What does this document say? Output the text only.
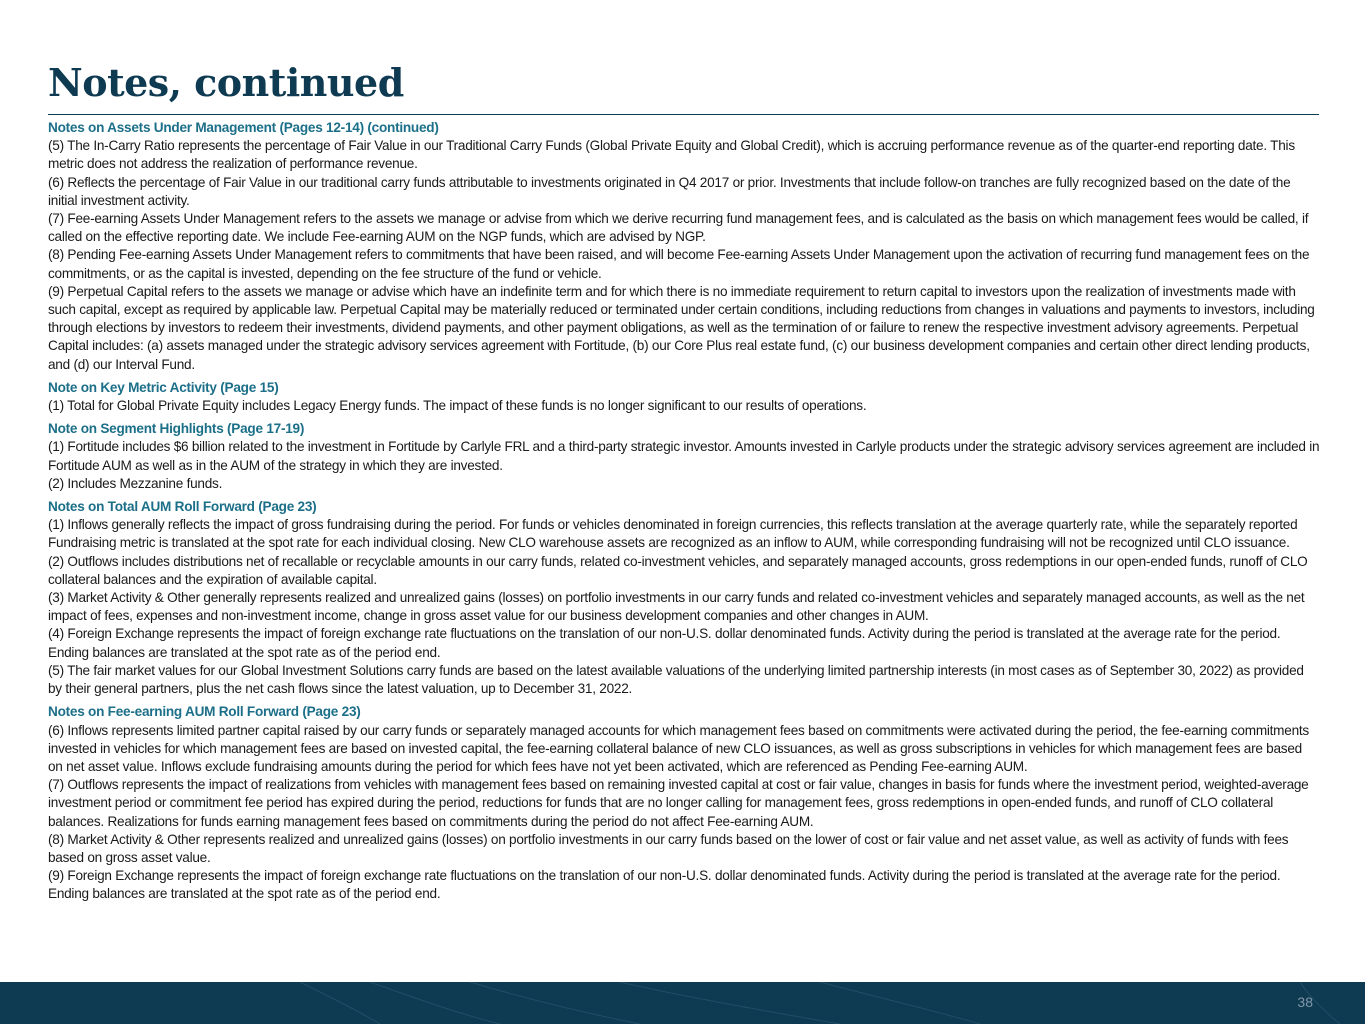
Notes, continued
Notes on Assets Under Management (Pages 12-14) (continued)
(5) The In-Carry Ratio represents the percentage of Fair Value in our Traditional Carry Funds (Global Private Equity and Global Credit), which is accruing performance revenue as of the quarter-end reporting date. This metric does not address the realization of performance revenue.
(6) Reflects the percentage of Fair Value in our traditional carry funds attributable to investments originated in Q4 2017 or prior. Investments that include follow-on tranches are fully recognized based on the date of the initial investment activity.
(7) Fee-earning Assets Under Management refers to the assets we manage or advise from which we derive recurring fund management fees, and is calculated as the basis on which management fees would be called, if called on the effective reporting date. We include Fee-earning AUM on the NGP funds, which are advised by NGP.
(8) Pending Fee-earning Assets Under Management refers to commitments that have been raised, and will become Fee-earning Assets Under Management upon the activation of recurring fund management fees on the commitments, or as the capital is invested, depending on the fee structure of the fund or vehicle.
(9) Perpetual Capital refers to the assets we manage or advise which have an indefinite term and for which there is no immediate requirement to return capital to investors upon the realization of investments made with such capital, except as required by applicable law. Perpetual Capital may be materially reduced or terminated under certain conditions, including reductions from changes in valuations and payments to investors, including through elections by investors to redeem their investments, dividend payments, and other payment obligations, as well as the termination of or failure to renew the respective investment advisory agreements. Perpetual Capital includes: (a) assets managed under the strategic advisory services agreement with Fortitude, (b) our Core Plus real estate fund, (c) our business development companies and certain other direct lending products, and (d) our Interval Fund.
Note on Key Metric Activity (Page 15)
(1) Total for Global Private Equity includes Legacy Energy funds. The impact of these funds is no longer significant to our results of operations.
Note on Segment Highlights (Page 17-19)
(1) Fortitude includes $6 billion related to the investment in Fortitude by Carlyle FRL and a third-party strategic investor. Amounts invested in Carlyle products under the strategic advisory services agreement are included in Fortitude AUM as well as in the AUM of the strategy in which they are invested.
(2) Includes Mezzanine funds.
Notes on Total AUM Roll Forward (Page 23)
(1) Inflows generally reflects the impact of gross fundraising during the period. For funds or vehicles denominated in foreign currencies, this reflects translation at the average quarterly rate, while the separately reported Fundraising metric is translated at the spot rate for each individual closing. New CLO warehouse assets are recognized as an inflow to AUM, while corresponding fundraising will not be recognized until CLO issuance.
(2) Outflows includes distributions net of recallable or recyclable amounts in our carry funds, related co-investment vehicles, and separately managed accounts, gross redemptions in our open-ended funds, runoff of CLO collateral balances and the expiration of available capital.
(3) Market Activity & Other generally represents realized and unrealized gains (losses) on portfolio investments in our carry funds and related co-investment vehicles and separately managed accounts, as well as the net impact of fees, expenses and non-investment income, change in gross asset value for our business development companies and other changes in AUM.
(4) Foreign Exchange represents the impact of foreign exchange rate fluctuations on the translation of our non-U.S. dollar denominated funds. Activity during the period is translated at the average rate for the period. Ending balances are translated at the spot rate as of the period end.
(5) The fair market values for our Global Investment Solutions carry funds are based on the latest available valuations of the underlying limited partnership interests (in most cases as of September 30, 2022) as provided by their general partners, plus the net cash flows since the latest valuation, up to December 31, 2022.
Notes on Fee-earning AUM Roll Forward (Page 23)
(6) Inflows represents limited partner capital raised by our carry funds or separately managed accounts for which management fees based on commitments were activated during the period, the fee-earning commitments invested in vehicles for which management fees are based on invested capital, the fee-earning collateral balance of new CLO issuances, as well as gross subscriptions in vehicles for which management fees are based on net asset value. Inflows exclude fundraising amounts during the period for which fees have not yet been activated, which are referenced as Pending Fee-earning AUM.
(7) Outflows represents the impact of realizations from vehicles with management fees based on remaining invested capital at cost or fair value, changes in basis for funds where the investment period, weighted-average investment period or commitment fee period has expired during the period, reductions for funds that are no longer calling for management fees, gross redemptions in open-ended funds, and runoff of CLO collateral balances. Realizations for funds earning management fees based on commitments during the period do not affect Fee-earning AUM.
(8) Market Activity & Other represents realized and unrealized gains (losses) on portfolio investments in our carry funds based on the lower of cost or fair value and net asset value, as well as activity of funds with fees based on gross asset value.
(9) Foreign Exchange represents the impact of foreign exchange rate fluctuations on the translation of our non-U.S. dollar denominated funds. Activity during the period is translated at the average rate for the period. Ending balances are translated at the spot rate as of the period end.
38
